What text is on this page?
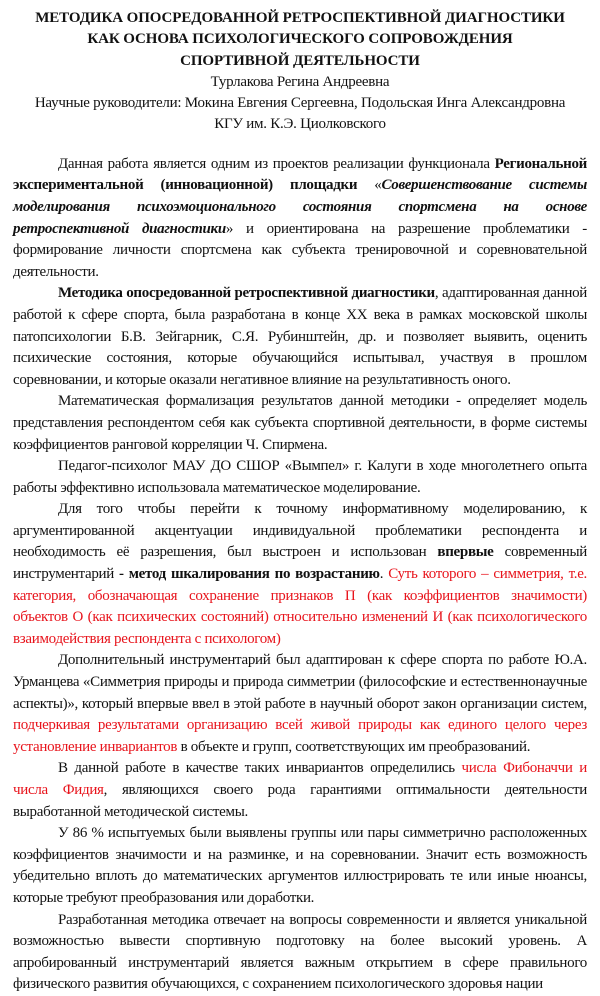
МЕТОДИКА ОПОСРЕДОВАННОЙ РЕТРОСПЕКТИВНОЙ ДИАГНОСТИКИ
КАК ОСНОВА ПСИХОЛОГИЧЕСКОГО СОПРОВОЖДЕНИЯ
СПОРТИВНОЙ ДЕЯТЕЛЬНОСТИ
Турлакова Регина Андреевна
Научные руководители: Мокина Евгения Сергеевна, Подольская Инга Александровна
КГУ им. К.Э. Циолковского

Данная работа является одним из проектов реализации функционала Региональной экспериментальной (инновационной) площадки «Совершенствование системы моделирования психоэмоционального состояния спортсмена на основе ретроспективной диагностики» и ориентирована на разрешение проблематики - формирование личности спортсмена как субъекта тренировочной и соревновательной деятельности.

Методика опосредованной ретроспективной диагностики, адаптированная данной работой к сфере спорта, была разработана в конце XX века в рамках московской школы патопсихологии Б.В. Зейгарник, С.Я. Рубинштейн, др. и позволяет выявить, оценить психические состояния, которые обучающийся испытывал, участвуя в прошлом соревновании, и которые оказали негативное влияние на результативность оного.

Математическая формализация результатов данной методики - определяет модель представления респондентом себя как субъекта спортивной деятельности, в форме системы коэффициентов ранговой корреляции Ч. Спирмена.

Педагог-психолог МАУ ДО СШОР «Вымпел» г. Калуги в ходе многолетнего опыта работы эффективно использовала математическое моделирование.

Для того чтобы перейти к точному информативному моделированию, к аргументированной акцентуации индивидуальной проблематики респондента и необходимость её разрешения, был выстроен и использован впервые современный инструментарий - метод шкалирования по возрастанию. Суть которого – симметрия, т.е. категория, обозначающая сохранение признаков П (как коэффициентов значимости) объектов О (как психических состояний) относительно изменений И (как психологического взаимодействия респондента с психологом)

Дополнительный инструментарий был адаптирован к сфере спорта по работе Ю.А. Урманцева «Симметрия природы и природа симметрии (философские и естественнонаучные аспекты)», который впервые ввел в этой работе в научный оборот закон организации систем, подчеркивая результатами организацию всей живой природы как единого целого через установление инвариантов в объекте и групп, соответствующих им преобразований.

В данной работе в качестве таких инвариантов определились числа Фибоначчи и числа Фидия, являющихся своего рода гарантиями оптимальности деятельности выработанной методической системы.

У 86 % испытуемых были выявлены группы или пары симметрично расположенных коэффициентов значимости и на разминке, и на соревновании. Значит есть возможность убедительно вплоть до математических аргументов иллюстрировать те или иные нюансы, которые требуют преобразования или доработки.

Разработанная методика отвечает на вопросы современности и является уникальной возможностью вывести спортивную подготовку на более высокий уровень. А апробированный инструментарий является важным открытием в сфере правильного физического развития обучающихся, с сохранением психологического здоровья нации
